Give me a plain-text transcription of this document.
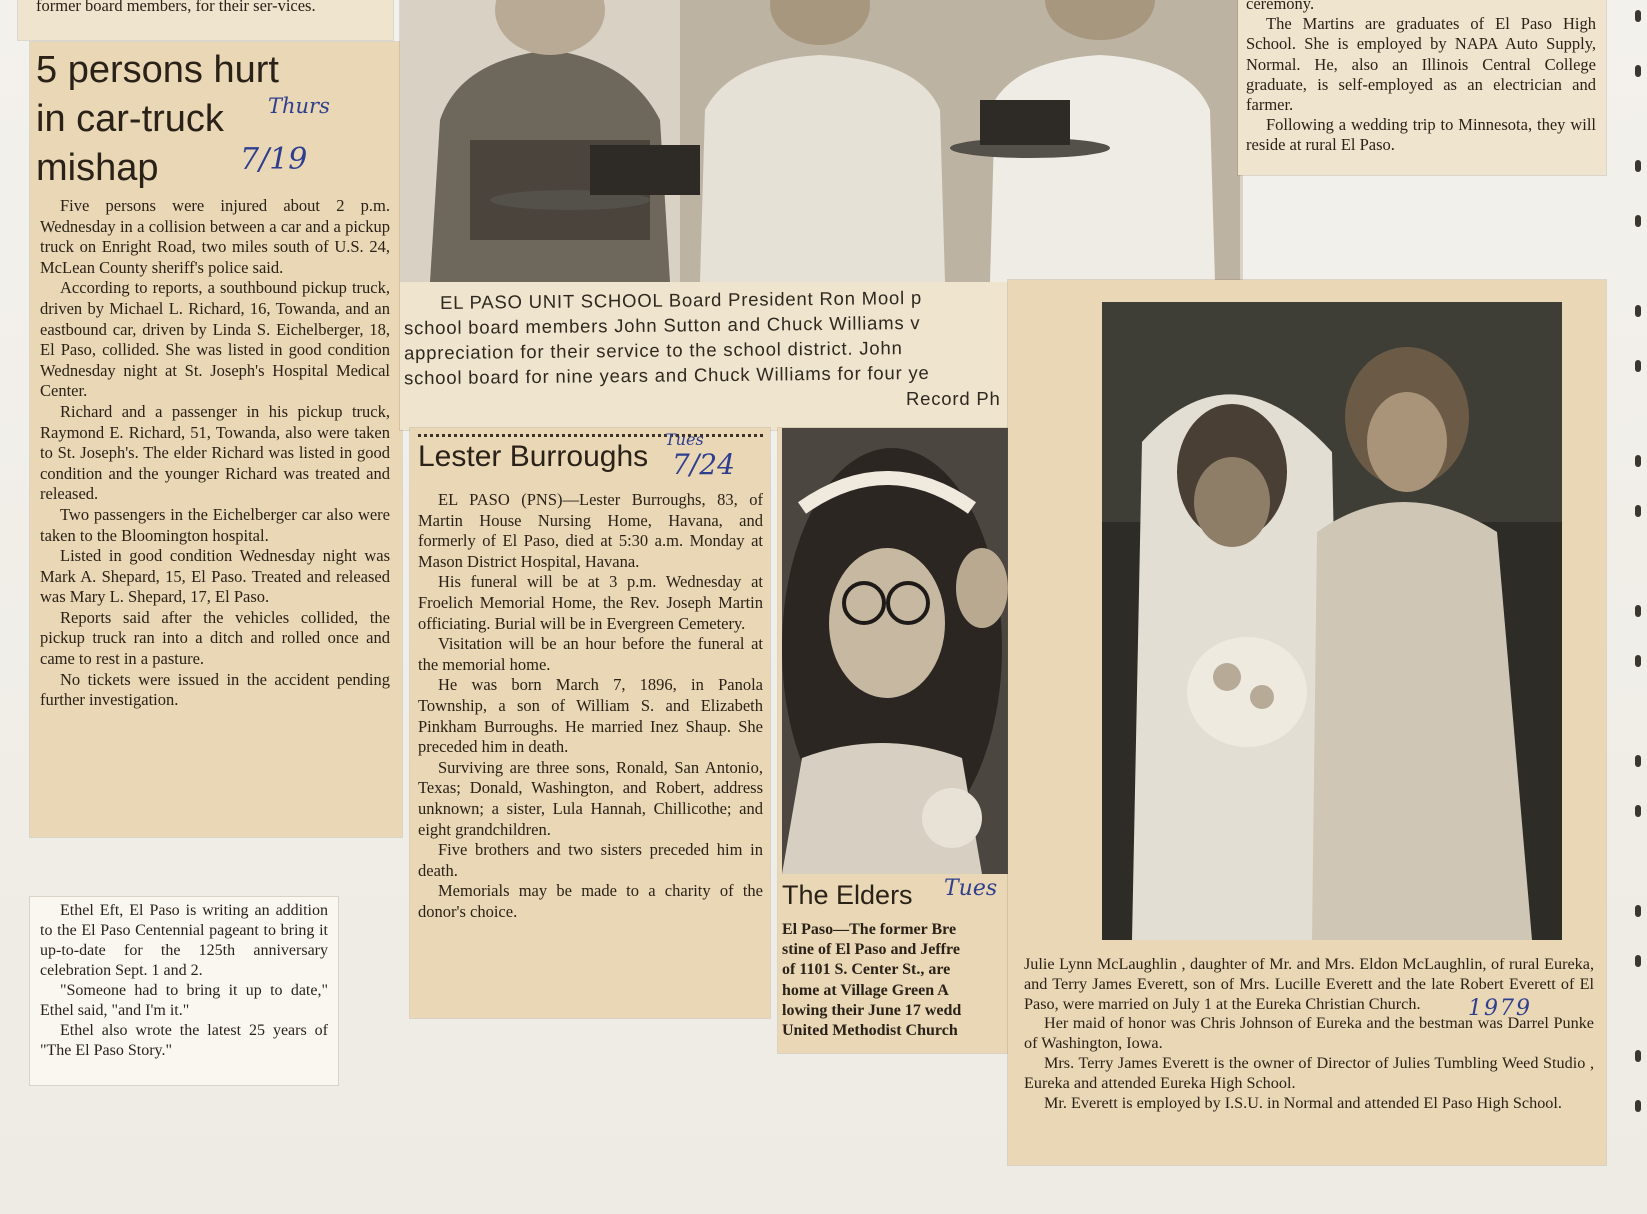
former board members, for their ser-vices.
5 persons hurt
in car-truck
mishap
Thurs
7/19

Five persons were injured about 2 p.m. Wednesday in a collision between a car and a pickup truck on Enright Road, two miles south of U.S. 24, McLean County sheriff's police said.

According to reports, a southbound pickup truck, driven by Michael L. Richard, 16, Towanda, and an eastbound car, driven by Linda S. Eichelberger, 18, El Paso, collided. She was listed in good condition Wednesday night at St. Joseph's Hospital Medical Center.

Richard and a passenger in his pickup truck, Raymond E. Richard, 51, Towanda, also were taken to St. Joseph's. The elder Richard was listed in good condition and the younger Richard was treated and released.

Two passengers in the Eichelberger car also were taken to the Bloomington hospital.

Listed in good condition Wednesday night was Mark A. Shepard, 15, El Paso. Treated and released was Mary L. Shepard, 17, El Paso.

Reports said after the vehicles collided, the pickup truck ran into a ditch and rolled once and came to rest in a pasture.

No tickets were issued in the accident pending further investigation.

Ethel Eft, El Paso is writing an addition to the El Paso Centennial pageant to bring it up-to-date for the 125th anniversary celebration Sept. 1 and 2.

"Someone had to bring it up to date," Ethel said, "and I'm it."

Ethel also wrote the latest 25 years of "The El Paso Story."

EL PASO UNIT SCHOOL Board President Ron Mool p
school board members John Sutton and Chuck Williams v
appreciation for their service to the school district. John
school board for nine years and Chuck Williams for four ye
Record Ph

ceremony.

The Martins are graduates of El Paso High School. She is employed by NAPA Auto Supply, Normal. He, also an Illinois Central College graduate, is self-employed as an electrician and farmer.

Following a wedding trip to Minnesota, they will reside at rural El Paso.

Lester Burroughs
Tues
7/24

EL PASO (PNS)—Lester Burroughs, 83, of Martin House Nursing Home, Havana, and formerly of El Paso, died at 5:30 a.m. Monday at Mason District Hospital, Havana.

His funeral will be at 3 p.m. Wednesday at Froelich Memorial Home, the Rev. Joseph Martin officiating. Burial will be in Evergreen Cemetery.

Visitation will be an hour before the funeral at the memorial home.

He was born March 7, 1896, in Panola Township, a son of William S. and Elizabeth Pinkham Burroughs. He married Inez Shaup. She preceded him in death.

Surviving are three sons, Ronald, San Antonio, Texas; Donald, Washington, and Robert, address unknown; a sister, Lula Hannah, Chillicothe; and eight grandchildren.

Five brothers and two sisters preceded him in death.

Memorials may be made to a charity of the donor's choice.

The Elders Tues
El Paso—The former Bre
stine of El Paso and Jeffre
of 1101 S. Center St., are
home at Village Green A
lowing their June 17 wedd
United Methodist Church
1979

Julie Lynn McLaughlin , daughter of Mr. and Mrs. Eldon McLaughlin, of rural Eureka, and Terry James Everett, son of Mrs. Lucille Everett and the late Robert Everett of El Paso, were married on July 1 at the Eureka Christian Church.

Her maid of honor was Chris Johnson of Eureka and the bestman was Darrel Punke of Washington, Iowa.

Mrs. Terry James Everett is the owner of Director of Julies Tumbling Weed Studio , Eureka and attended Eureka High School.

Mr. Everett is employed by I.S.U. in Normal and attended El Paso High School.
